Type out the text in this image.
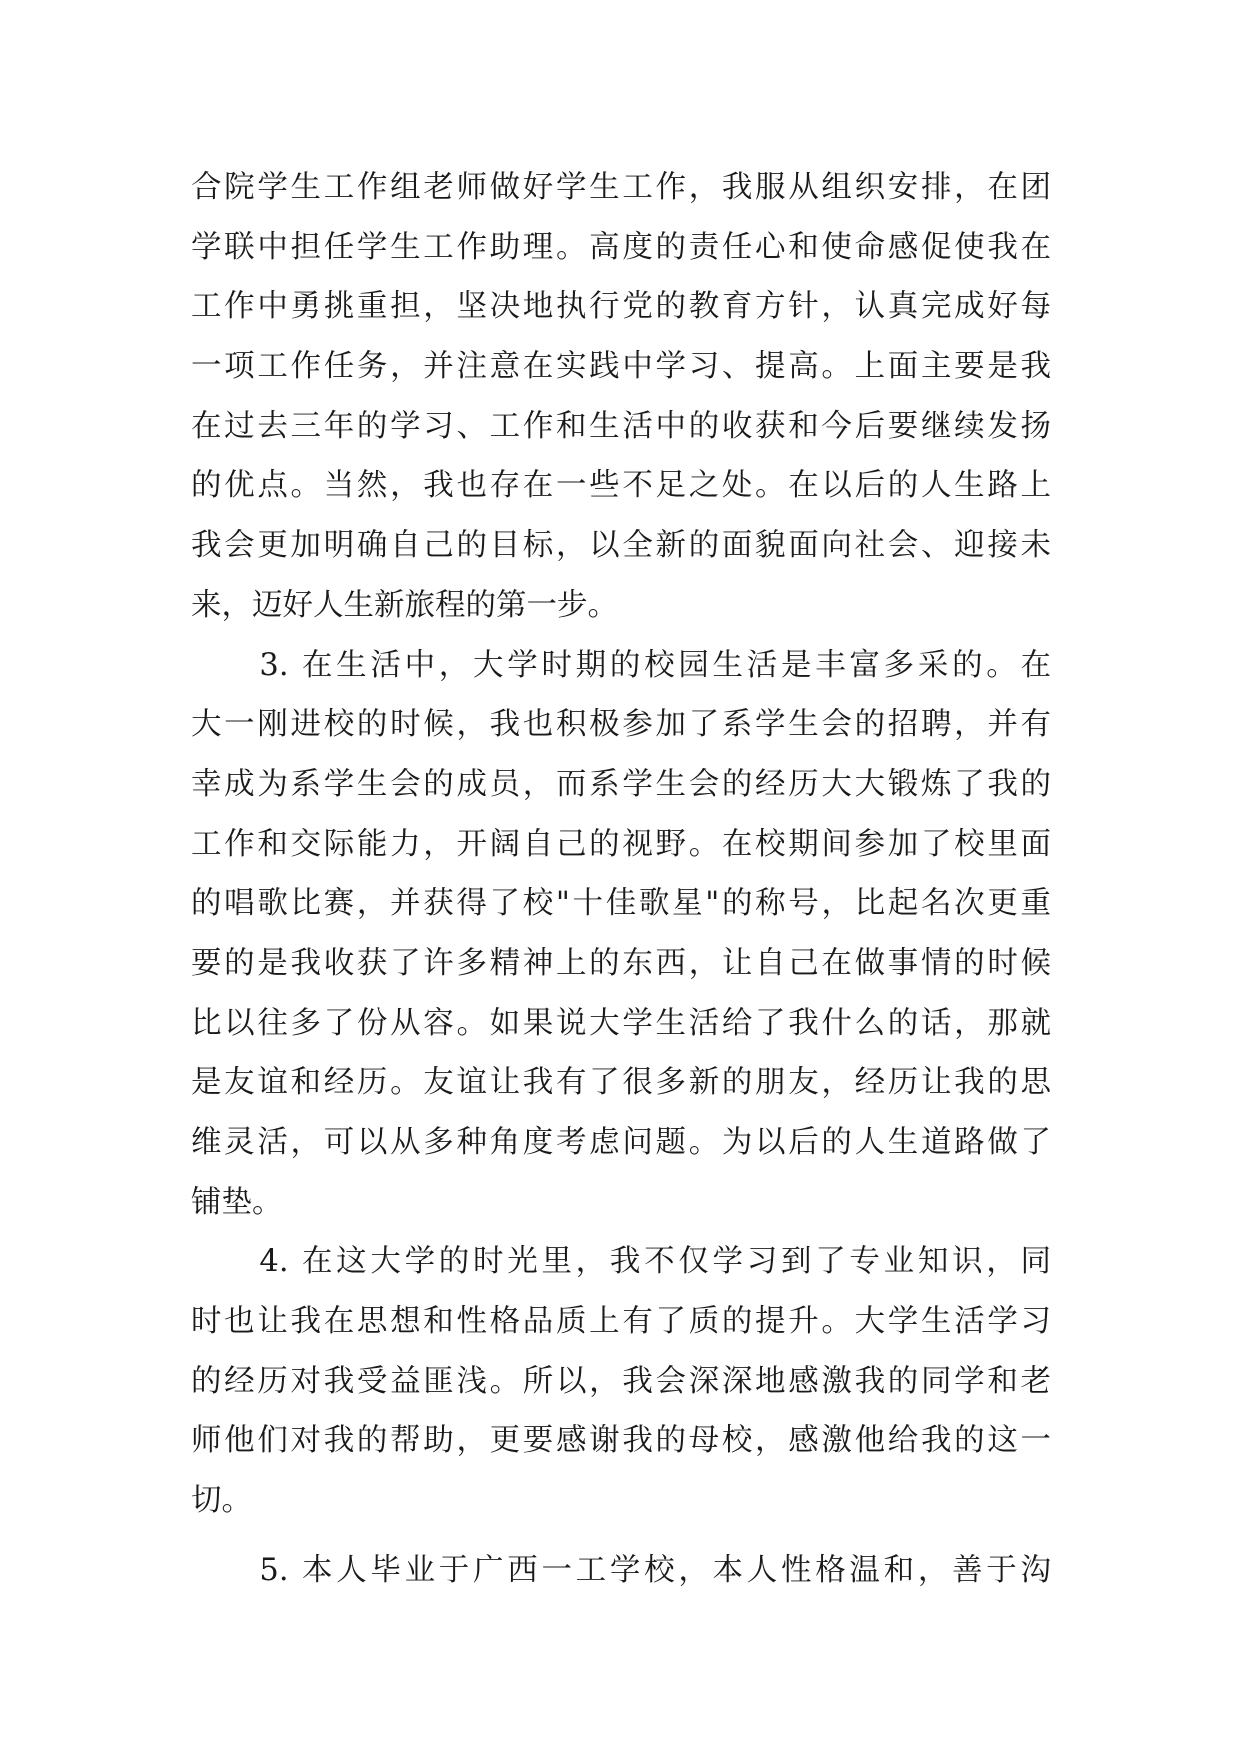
合院学生工作组老师做好学生工作，我服从组织安排，在团
学联中担任学生工作助理。高度的责任心和使命感促使我在
工作中勇挑重担，坚决地执行党的教育方针，认真完成好每
一项工作任务，并注意在实践中学习、提高。上面主要是我
在过去三年的学习、工作和生活中的收获和今后要继续发扬
的优点。当然，我也存在一些不足之处。在以后的人生路上
我会更加明确自己的目标，以全新的面貌面向社会、迎接未
来，迈好人生新旅程的第一步。
　　3. 在生活中，大学时期的校园生活是丰富多采的。在
大一刚进校的时候，我也积极参加了系学生会的招聘，并有
幸成为系学生会的成员，而系学生会的经历大大锻炼了我的
工作和交际能力，开阔自己的视野。在校期间参加了校里面
的唱歌比赛，并获得了校"十佳歌星"的称号，比起名次更重
要的是我收获了许多精神上的东西，让自己在做事情的时候
比以往多了份从容。如果说大学生活给了我什么的话，那就
是友谊和经历。友谊让我有了很多新的朋友，经历让我的思
维灵活，可以从多种角度考虑问题。为以后的人生道路做了
铺垫。
　　4. 在这大学的时光里，我不仅学习到了专业知识，同
时也让我在思想和性格品质上有了质的提升。大学生活学习
的经历对我受益匪浅。所以，我会深深地感激我的同学和老
师他们对我的帮助，更要感谢我的母校，感激他给我的这一
切。
　　5. 本人毕业于广西一工学校，本人性格温和，善于沟
